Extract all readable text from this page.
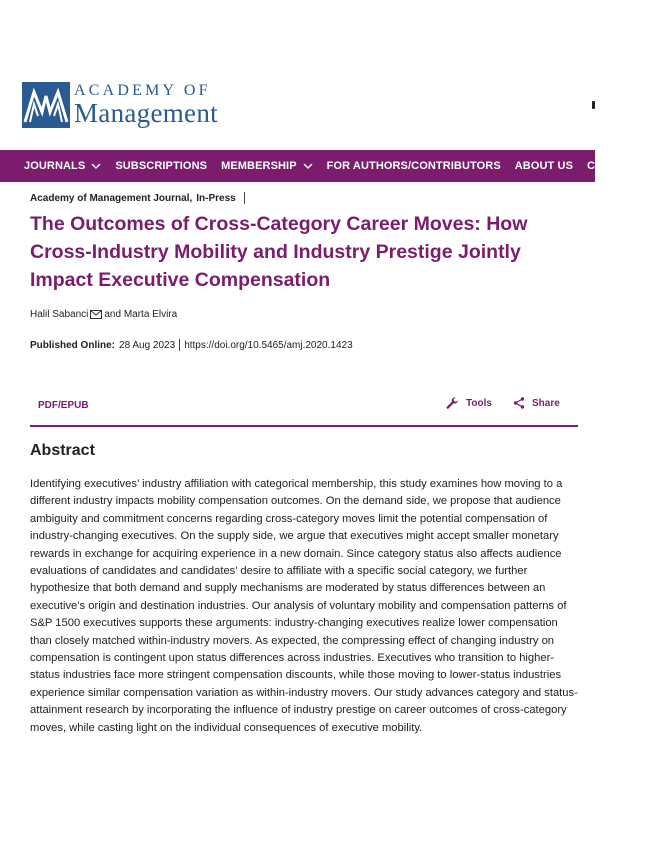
ACADEMY OF
Management
JOURNALS	SUBSCRIPTIONS MEMBERSHIP	FOR AUTHORS/CONTRIBUTORS ABOUT US CONTACT US
Academy of Management Journal, In-Press
The Outcomes of Cross-Category Career Moves: How Cross-Industry Mobility and Industry Prestige Jointly Impact Executive Compensation
Halil Sabanci and Marta Elvira
Published Online: 28 Aug 2023 https://doi.org/10.5465/amj.2020.1423
PDF/EPUB	Tools	Share
Abstract

Identifying executives’ industry affiliation with categorical membership, this study examines how moving to a different industry impacts mobility compensation outcomes. On the demand side, we propose that audience ambiguity and commitment concerns regarding cross-category moves limit the potential compensation of industry-changing executives. On the supply side, we argue that executives might accept smaller monetary rewards in exchange for acquiring experience in a new domain. Since category status also affects audience evaluations of candidates and candidates’ desire to affiliate with a specific social category, we further hypothesize that both demand and supply mechanisms are moderated by status differences between an executive’s origin and destination industries. Our analysis of voluntary mobility and compensation patterns of S&P 1500 executives supports these arguments: industry-changing executives realize lower compensation than closely matched within-industry movers. As expected, the compressing effect of changing industry on compensation is contingent upon status differences across industries. Executives who transition to higher-status industries face more stringent compensation discounts, while those moving to lower-status industries experience similar compensation variation as within-industry movers. Our study advances category and status-attainment research by incorporating the influence of industry prestige on career outcomes of cross-category moves, while casting light on the individual consequences of executive mobility.
